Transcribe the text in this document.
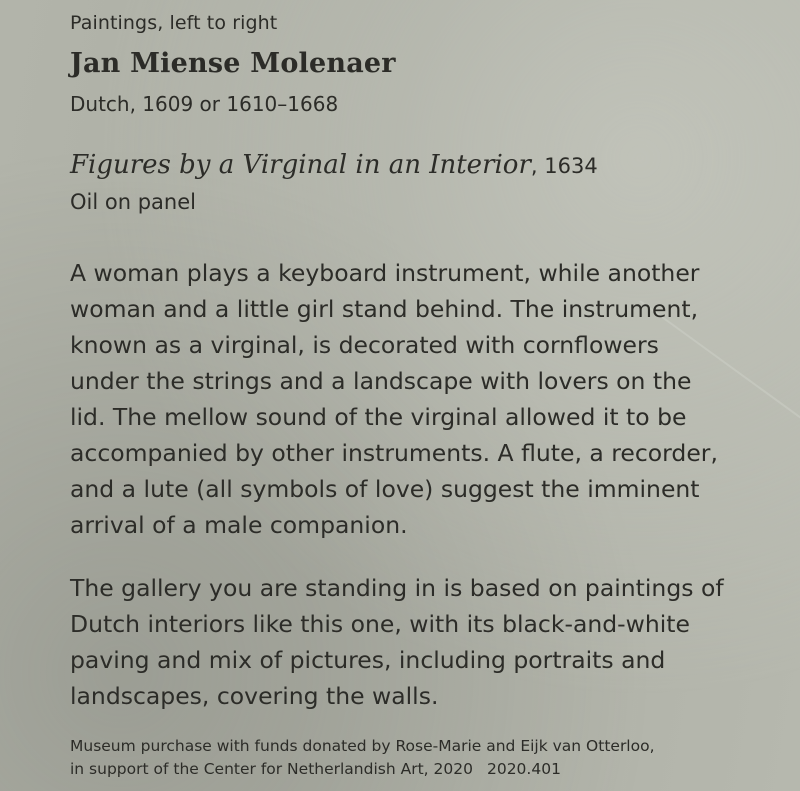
Paintings, left to right
Jan Miense Molenaer
Dutch, 1609 or 1610–1668
Figures by a Virginal in an Interior, 1634
Oil on panel

A woman plays a keyboard instrument, while another
woman and a little girl stand behind. The instrument,
known as a virginal, is decorated with cornflowers
under the strings and a landscape with lovers on the
lid. The mellow sound of the virginal allowed it to be
accompanied by other instruments. A flute, a recorder,
and a lute (all symbols of love) suggest the imminent
arrival of a male companion.

The gallery you are standing in is based on paintings of
Dutch interiors like this one, with its black-and-white
paving and mix of pictures, including portraits and
landscapes, covering the walls.

Museum purchase with funds donated by Rose-Marie and Eijk van Otterloo,
in support of the Center for Netherlandish Art, 2020 2020.401
